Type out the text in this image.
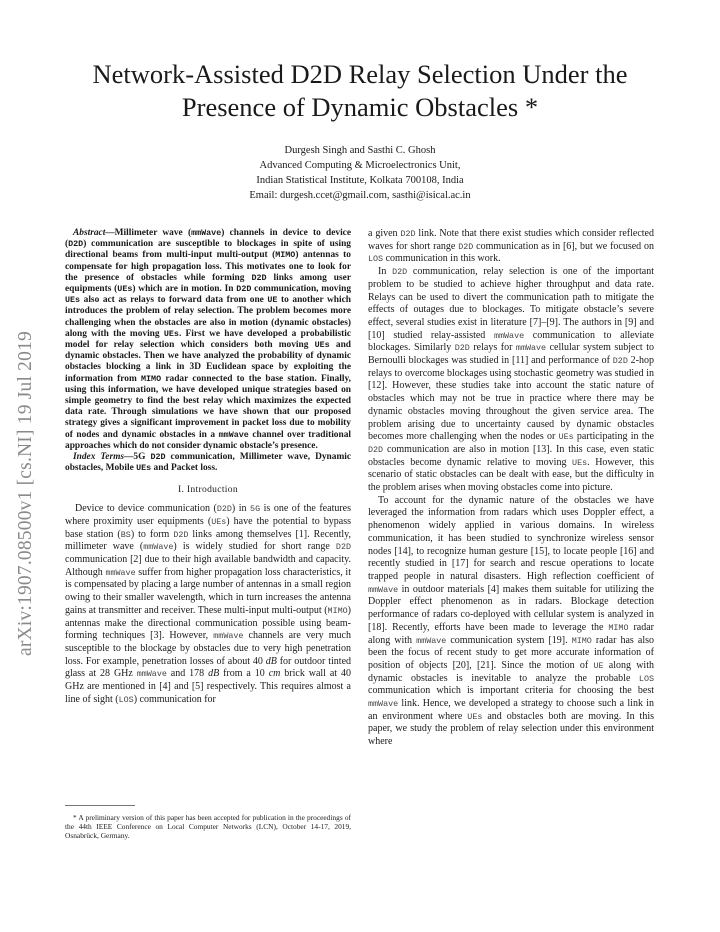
arXiv:1907.08500v1 [cs.NI] 19 Jul 2019
Network-Assisted D2D Relay Selection Under the Presence of Dynamic Obstacles *
Durgesh Singh and Sasthi C. Ghosh
Advanced Computing & Microelectronics Unit,
Indian Statistical Institute, Kolkata 700108, India
Email: durgesh.ccet@gmail.com, sasthi@isical.ac.in

Abstract—Millimeter wave (mmWave) channels in device to device (D2D) communication are susceptible to blockages in spite of using directional beams from multi-input multi-output (MIMO) antennas to compensate for high propagation loss. This motivates one to look for the presence of obstacles while forming D2D links among user equipments (UEs) which are in motion. In D2D communication, moving UEs also act as relays to forward data from one UE to another which introduces the problem of relay selection. The problem becomes more challenging when the obstacles are also in motion (dynamic obstacles) along with the moving UEs. First we have developed a probabilistic model for relay selection which considers both moving UEs and dynamic obstacles. Then we have analyzed the probability of dynamic obstacles blocking a link in 3D Euclidean space by exploiting the information from MIMO radar connected to the base station. Finally, using this information, we have developed unique strategies based on simple geometry to find the best relay which maximizes the expected data rate. Through simulations we have shown that our proposed strategy gives a significant improvement in packet loss due to mobility of nodes and dynamic obstacles in a mmWave channel over traditional approaches which do not consider dynamic obstacle’s presence.

Index Terms—5G D2D communication, Millimeter wave, Dynamic obstacles, Mobile UEs and Packet loss.

I. Introduction

Device to device communication (D2D) in 5G is one of the features where proximity user equipments (UEs) have the potential to bypass base station (BS) to form D2D links among themselves [1]. Recently, millimeter wave (mmWave) is widely studied for short range D2D communication [2] due to their high available bandwidth and capacity. Although mmWave suffer from higher propagation loss characteristics, it is compensated by placing a large number of antennas in a small region owing to their smaller wavelength, which in turn increases the antenna gains at transmitter and receiver. These multi-input multi-output (MIMO) antennas make the directional communication possible using beam-forming techniques [3]. However, mmWave channels are very much susceptible to the blockage by obstacles due to very high penetration loss. For example, penetration losses of about 40 dB for outdoor tinted glass at 28 GHz mmWave and 178 dB from a 10 cm brick wall at 40 GHz are mentioned in [4] and [5] respectively. This requires almost a line of sight (LOS) communication for

* A preliminary version of this paper has been accepted for publication in the proceedings of the 44th IEEE Conference on Local Computer Networks (LCN), October 14-17, 2019, Osnabrück, Germany.

a given D2D link. Note that there exist studies which consider reflected waves for short range D2D communication as in [6], but we focused on LOS communication in this work.

In D2D communication, relay selection is one of the important problem to be studied to achieve higher throughput and data rate. Relays can be used to divert the communication path to mitigate the effects of outages due to blockages. To mitigate obstacle’s severe effect, several studies exist in literature [7]–[9]. The authors in [9] and [10] studied relay-assisted mmWave communication to alleviate blockages. Similarly D2D relays for mmWave cellular system subject to Bernoulli blockages was studied in [11] and performance of D2D 2-hop relays to overcome blockages using stochastic geometry was studied in [12]. However, these studies take into account the static nature of obstacles which may not be true in practice where there may be dynamic obstacles moving throughout the given service area. The problem arising due to uncertainty caused by dynamic obstacles becomes more challenging when the nodes or UEs participating in the D2D communication are also in motion [13]. In this case, even static obstacles become dynamic relative to moving UEs. However, this scenario of static obstacles can be dealt with ease, but the difficulty in the problem arises when moving obstacles come into picture.

To account for the dynamic nature of the obstacles we have leveraged the information from radars which uses Doppler effect, a phenomenon widely applied in various domains. In wireless communication, it has been studied to synchronize wireless sensor nodes [14], to recognize human gesture [15], to locate people [16] and recently studied in [17] for search and rescue operations to locate trapped people in natural disasters. High reflection coefficient of mmWave in outdoor materials [4] makes them suitable for utilizing the Doppler effect phenomenon as in radars. Blockage detection performance of radars co-deployed with cellular system is analyzed in [18]. Recently, efforts have been made to leverage the MIMO radar along with mmWave communication system [19]. MIMO radar has also been the focus of recent study to get more accurate information of position of objects [20], [21]. Since the motion of UE along with dynamic obstacles is inevitable to analyze the probable LOS communication which is important criteria for choosing the best mmWave link. Hence, we developed a strategy to choose such a link in an environment where UEs and obstacles both are moving. In this paper, we study the problem of relay selection under this environment where
